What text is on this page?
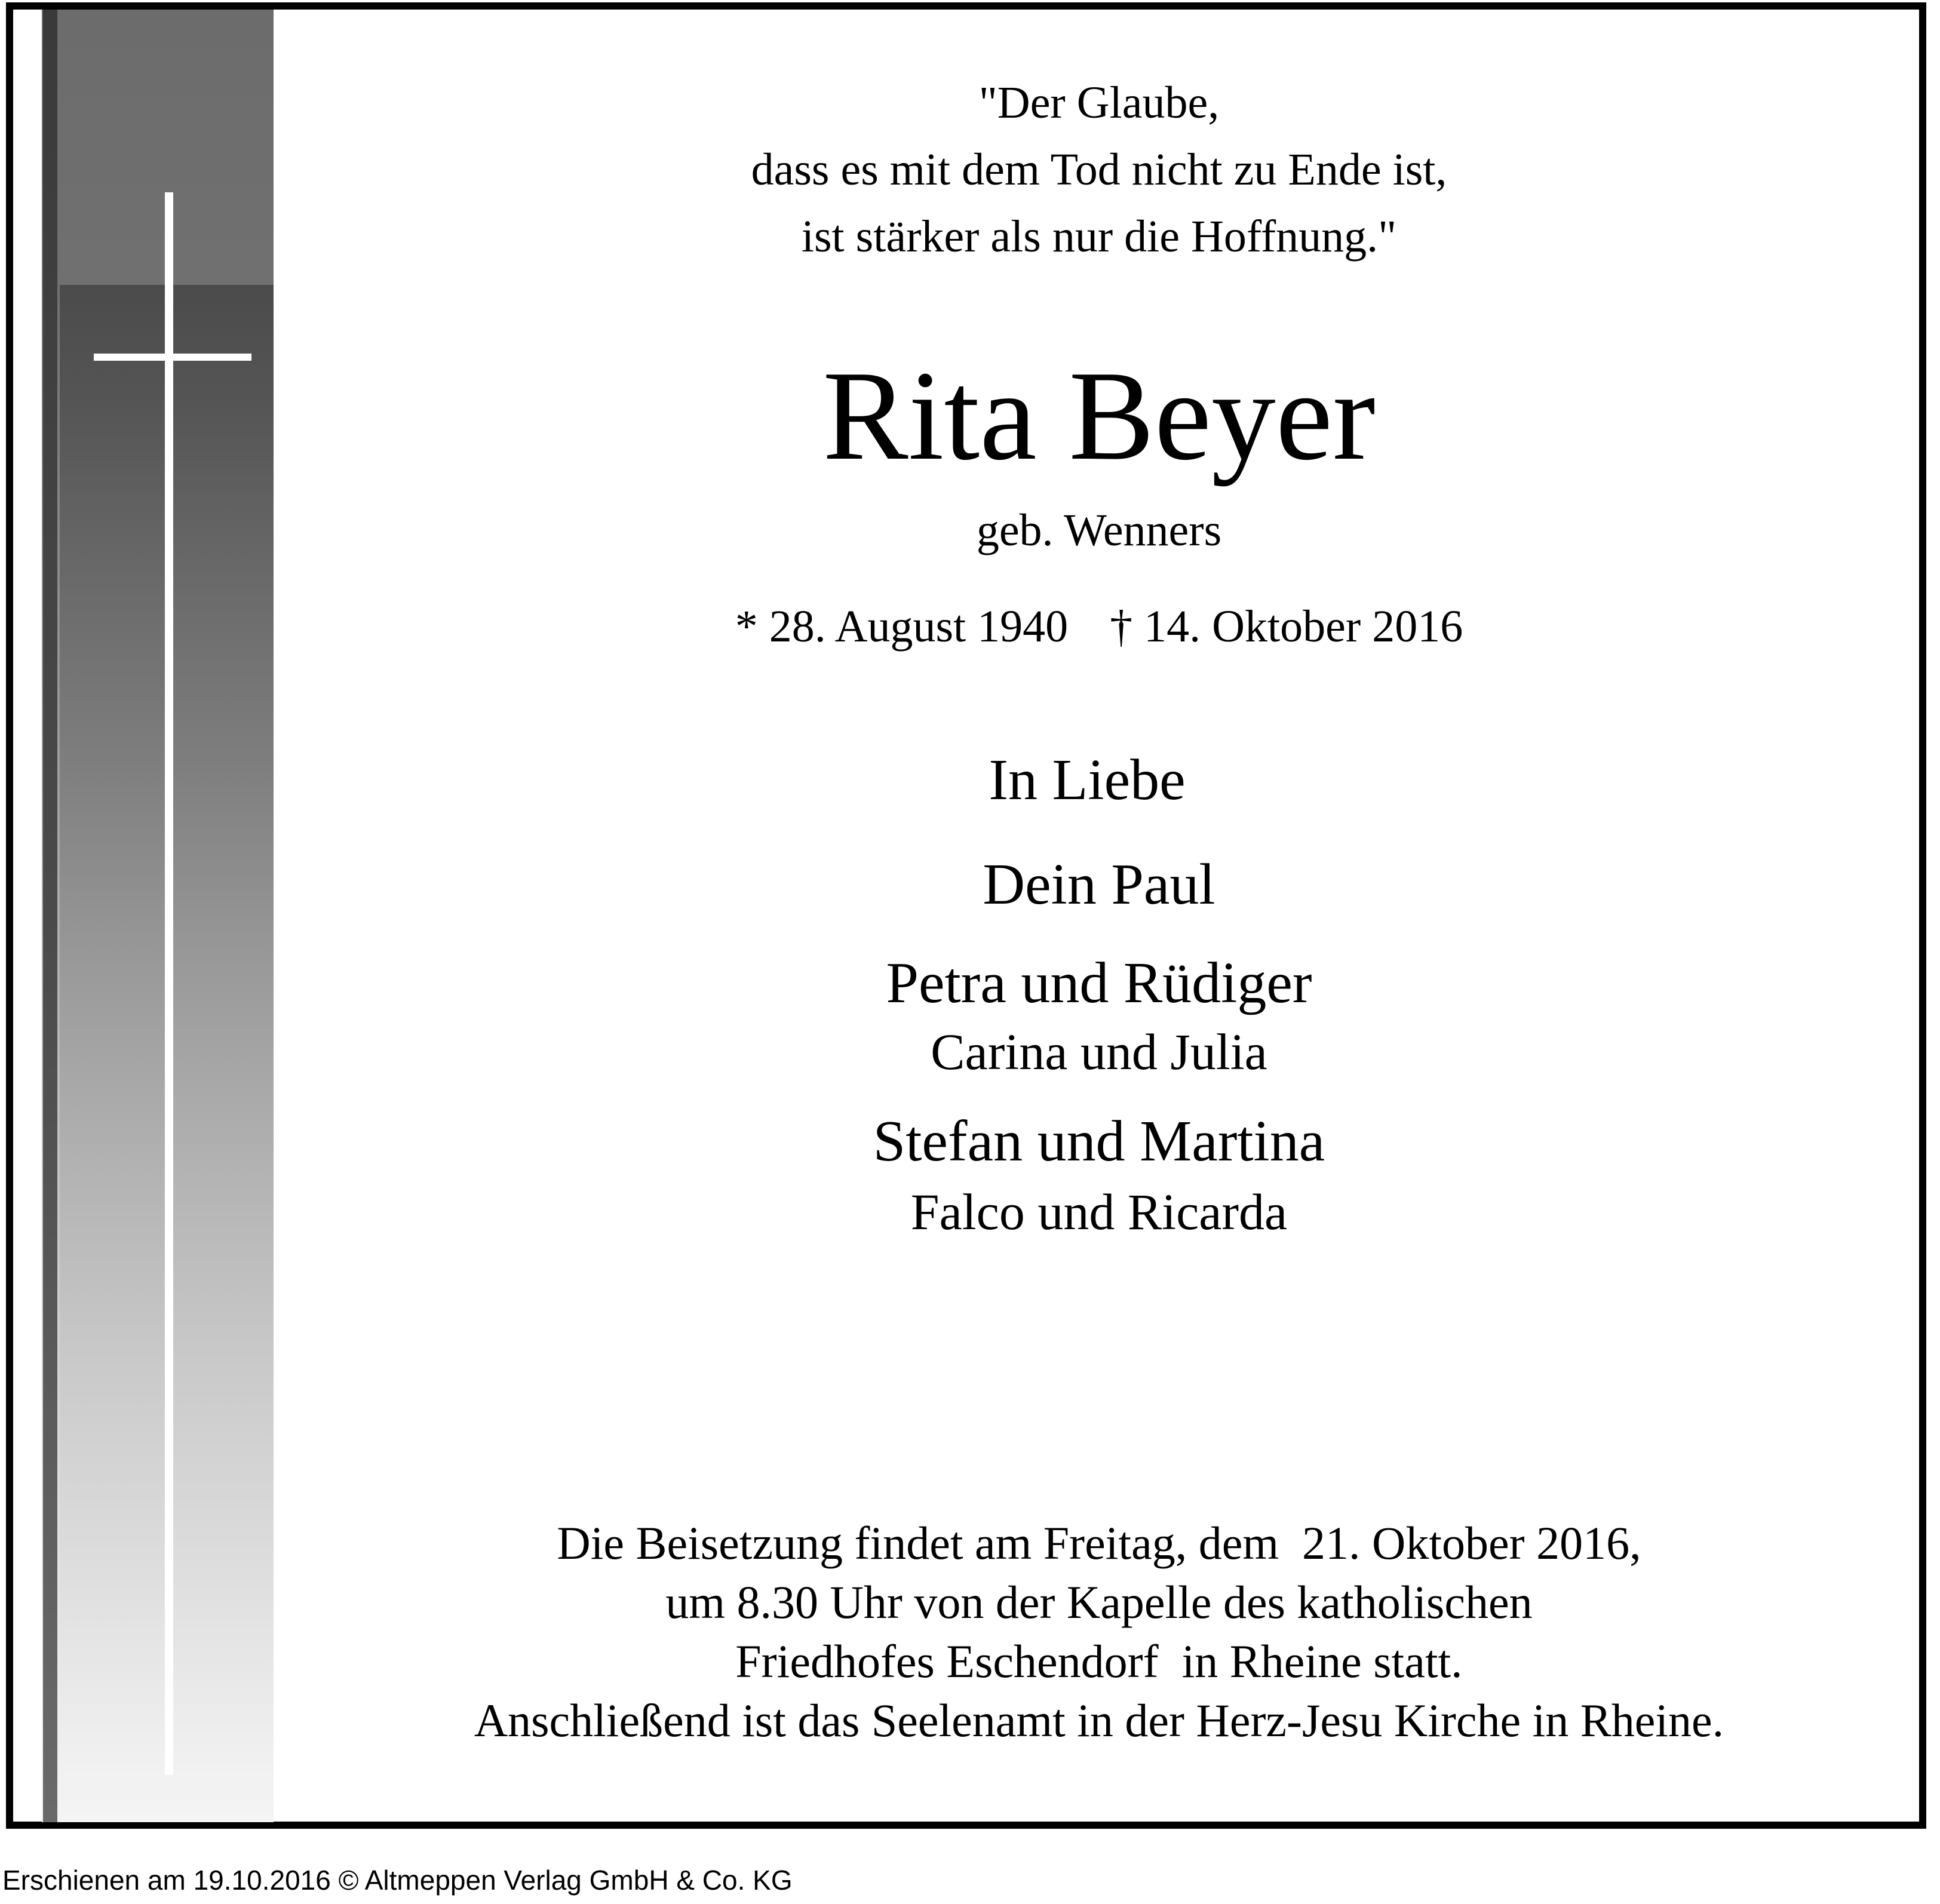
"Der Glaube,
dass es mit dem Tod nicht zu Ende ist,
ist stärker als nur die Hoffnung."
Rita Beyer
geb. Wenners
* 28. August 1940 † 14. Oktober 2016
In Liebe
Dein Paul
Petra und Rüdiger
Carina und Julia
Stefan und Martina
Falco und Ricarda
Die Beisetzung findet am Freitag, dem  21. Oktober 2016,
um 8.30 Uhr von der Kapelle des katholischen
Friedhofes Eschendorf  in Rheine statt.
Anschließend ist das Seelenamt in der Herz-Jesu Kirche in Rheine.
Erschienen am 19.10.2016 © Altmeppen Verlag GmbH & Co. KG
